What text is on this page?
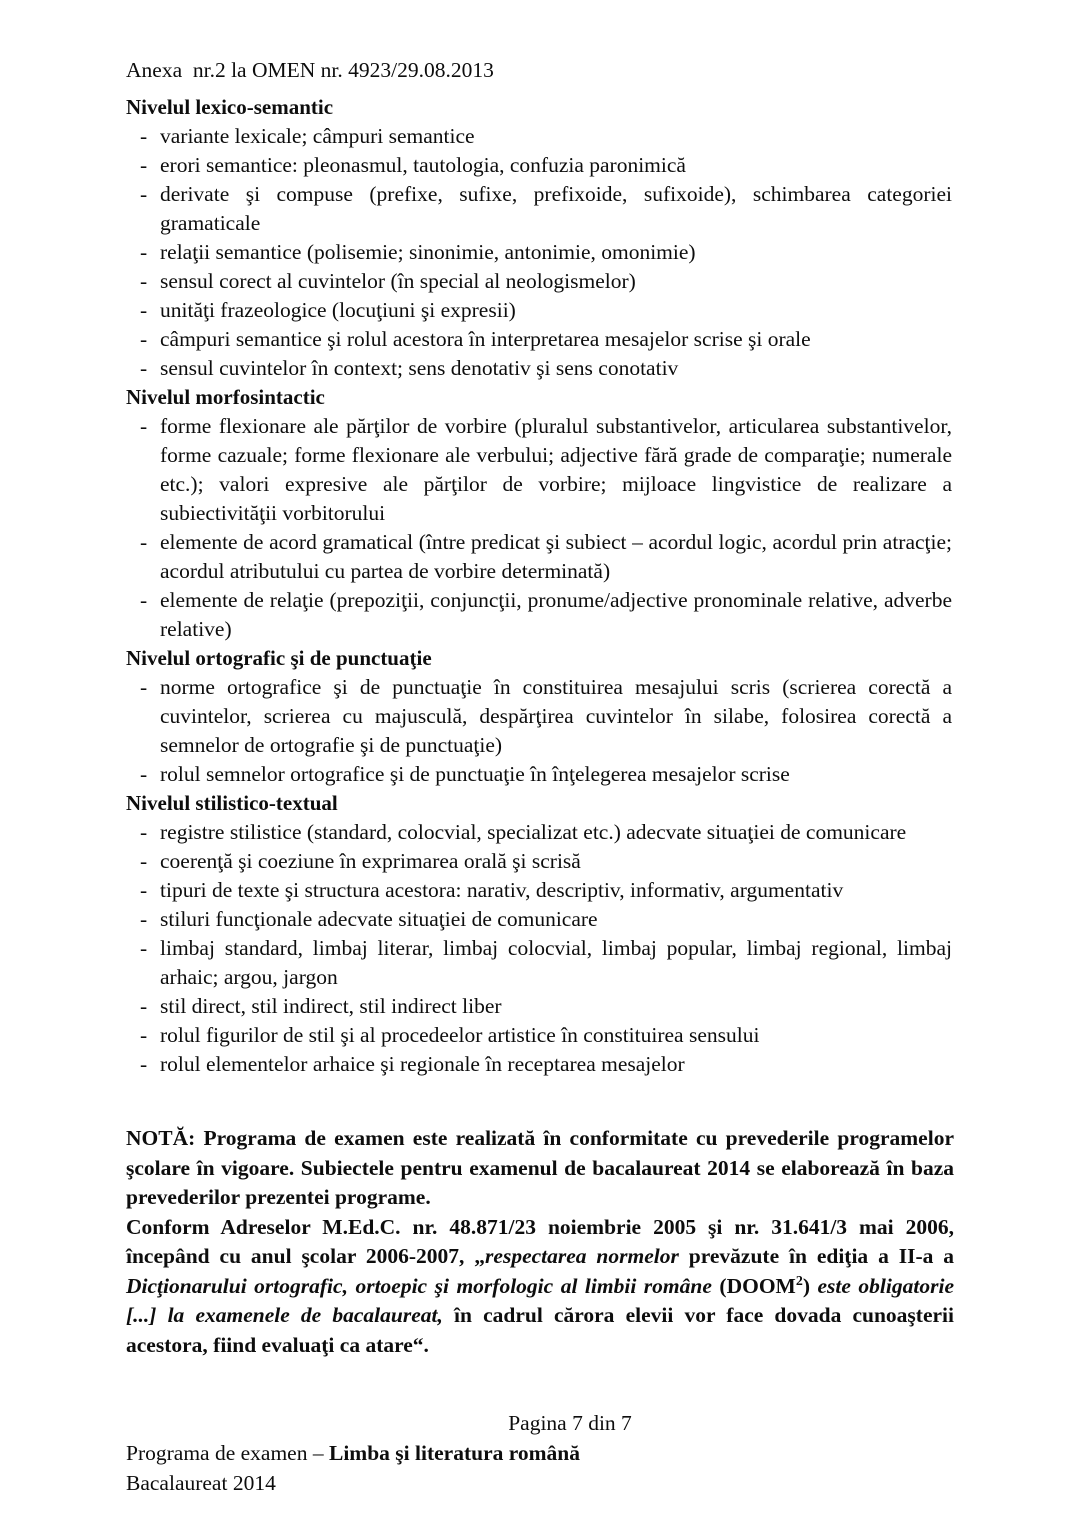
Anexa  nr.2 la OMEN nr. 4923/29.08.2013
Nivelul lexico-semantic
- variante lexicale; câmpuri semantice
- erori semantice: pleonasmul, tautologia, confuzia paronimică
- derivate şi compuse (prefixe, sufixe, prefixoide, sufixoide), schimbarea categoriei gramaticale
- relaţii semantice (polisemie; sinonimie, antonimie, omonimie)
- sensul corect al cuvintelor (în special al neologismelor)
- unităţi frazeologice (locuţiuni şi expresii)
- câmpuri semantice şi rolul acestora în interpretarea mesajelor scrise şi orale
- sensul cuvintelor în context; sens denotativ şi sens conotativ
Nivelul morfosintactic
- forme flexionare ale părţilor de vorbire (pluralul substantivelor, articularea substantivelor, forme cazuale; forme flexionare ale verbului; adjective fără grade de comparaţie; numerale etc.); valori expresive ale părţilor de vorbire; mijloace lingvistice de realizare a subiectivităţii vorbitorului
- elemente de acord gramatical (între predicat şi subiect – acordul logic, acordul prin atracţie; acordul atributului cu partea de vorbire determinată)
- elemente de relaţie (prepoziţii, conjuncţii, pronume/adjective pronominale relative, adverbe relative)
Nivelul ortografic şi de punctuaţie
- norme ortografice şi de punctuaţie în constituirea mesajului scris (scrierea corectă a cuvintelor, scrierea cu majusculă, despărţirea cuvintelor în silabe, folosirea corectă a semnelor de ortografie şi de punctuaţie)
- rolul semnelor ortografice şi de punctuaţie în înţelegerea mesajelor scrise
Nivelul stilistico-textual
- registre stilistice (standard, colocvial, specializat etc.) adecvate situaţiei de comunicare
- coerenţă şi coeziune în exprimarea orală şi scrisă
- tipuri de texte şi structura acestora: narativ, descriptiv, informativ, argumentativ
- stiluri funcţionale adecvate situaţiei de comunicare
- limbaj standard, limbaj literar, limbaj colocvial, limbaj popular, limbaj regional, limbaj arhaic; argou, jargon
- stil direct, stil indirect, stil indirect liber
- rolul figurilor de stil şi al procedeelor artistice în constituirea sensului
- rolul elementelor arhaice şi regionale în receptarea mesajelor

NOTĂ: Programa de examen este realizată în conformitate cu prevederile programelor şcolare în vigoare. Subiectele pentru examenul de bacalaureat 2014 se elaborează în baza prevederilor prezentei programe.

Conform Adreselor M.Ed.C. nr. 48.871/23 noiembrie 2005 şi nr. 31.641/3 mai 2006, începând cu anul şcolar 2006-2007, „respectarea normelor prevăzute în ediţia a II-a a Dicţionarului ortografic, ortoepic şi morfologic al limbii române (DOOM$^2$) este obligatorie [...] la examenele de bacalaureat, în cadrul cărora elevii vor face dovada cunoaşterii acestora, fiind evaluaţi ca atare“.

Pagina 7 din 7
Programa de examen – Limba şi literatura română
Bacalaureat 2014
